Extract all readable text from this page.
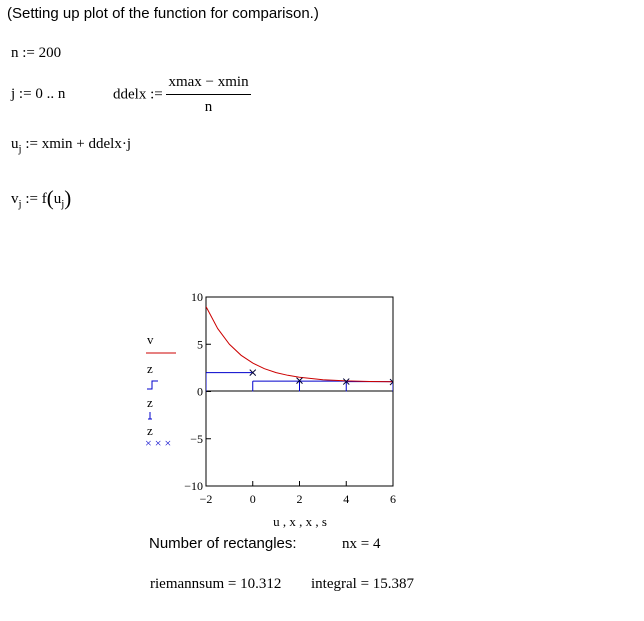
(Setting up plot of the function for comparison.)
n := 200
j := 0 .. n	ddelx := $\frac{xmax - xmin}{n}$
$u_j$ := xmin + ddelx·j
$v_j$ := $f(u_j)$
10
5
0
−5
−10
−2	0	2	4	6
u , x , x , s
v
z
z
z
× × ×
Number of rectangles:	nx = 4
riemannsum = 10.312 integral = 15.387
